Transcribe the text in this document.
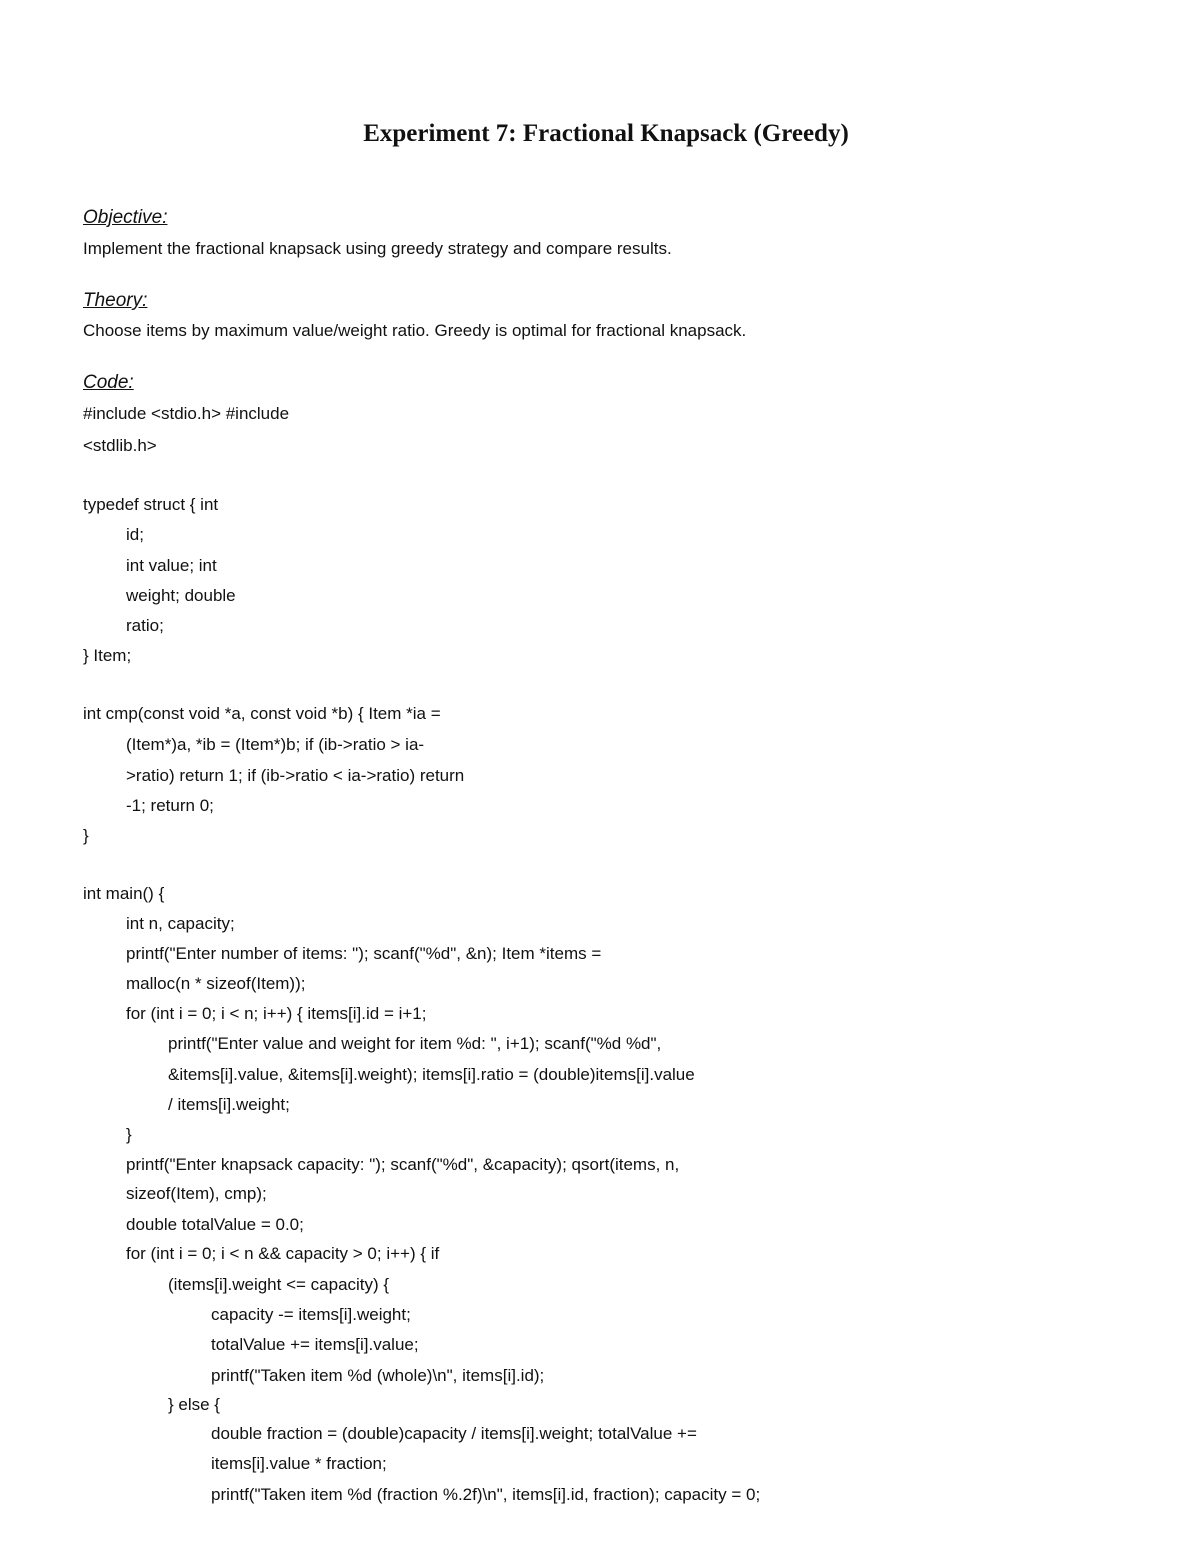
Experiment 7: Fractional Knapsack (Greedy)
Objective:
Implement the fractional knapsack using greedy strategy and compare results.
Theory:
Choose items by maximum value/weight ratio. Greedy is optimal for fractional knapsack.
Code:
#include <stdio.h> #include
<stdlib.h>
typedef struct { int
id;
int value; int
weight; double
ratio;
} Item;
int cmp(const void *a, const void *b) { Item *ia =
(Item*)a, *ib = (Item*)b; if (ib->ratio > ia-
>ratio) return 1; if (ib->ratio < ia->ratio) return
-1; return 0;
}
int main() {
int n, capacity;
printf("Enter number of items: "); scanf("%d", &n); Item *items =
malloc(n * sizeof(Item));
for (int i = 0; i < n; i++) { items[i].id = i+1;
printf("Enter value and weight for item %d: ", i+1); scanf("%d %d",
&items[i].value, &items[i].weight); items[i].ratio = (double)items[i].value
/ items[i].weight;
}
printf("Enter knapsack capacity: "); scanf("%d", &capacity); qsort(items, n,
sizeof(Item), cmp);
double totalValue = 0.0;
for (int i = 0; i < n && capacity > 0; i++) { if
(items[i].weight <= capacity) {
capacity -= items[i].weight;
totalValue += items[i].value;
printf("Taken item %d (whole)\n", items[i].id);
} else {
double fraction = (double)capacity / items[i].weight; totalValue +=
items[i].value * fraction;
printf("Taken item %d (fraction %.2f)\n", items[i].id, fraction); capacity = 0;
